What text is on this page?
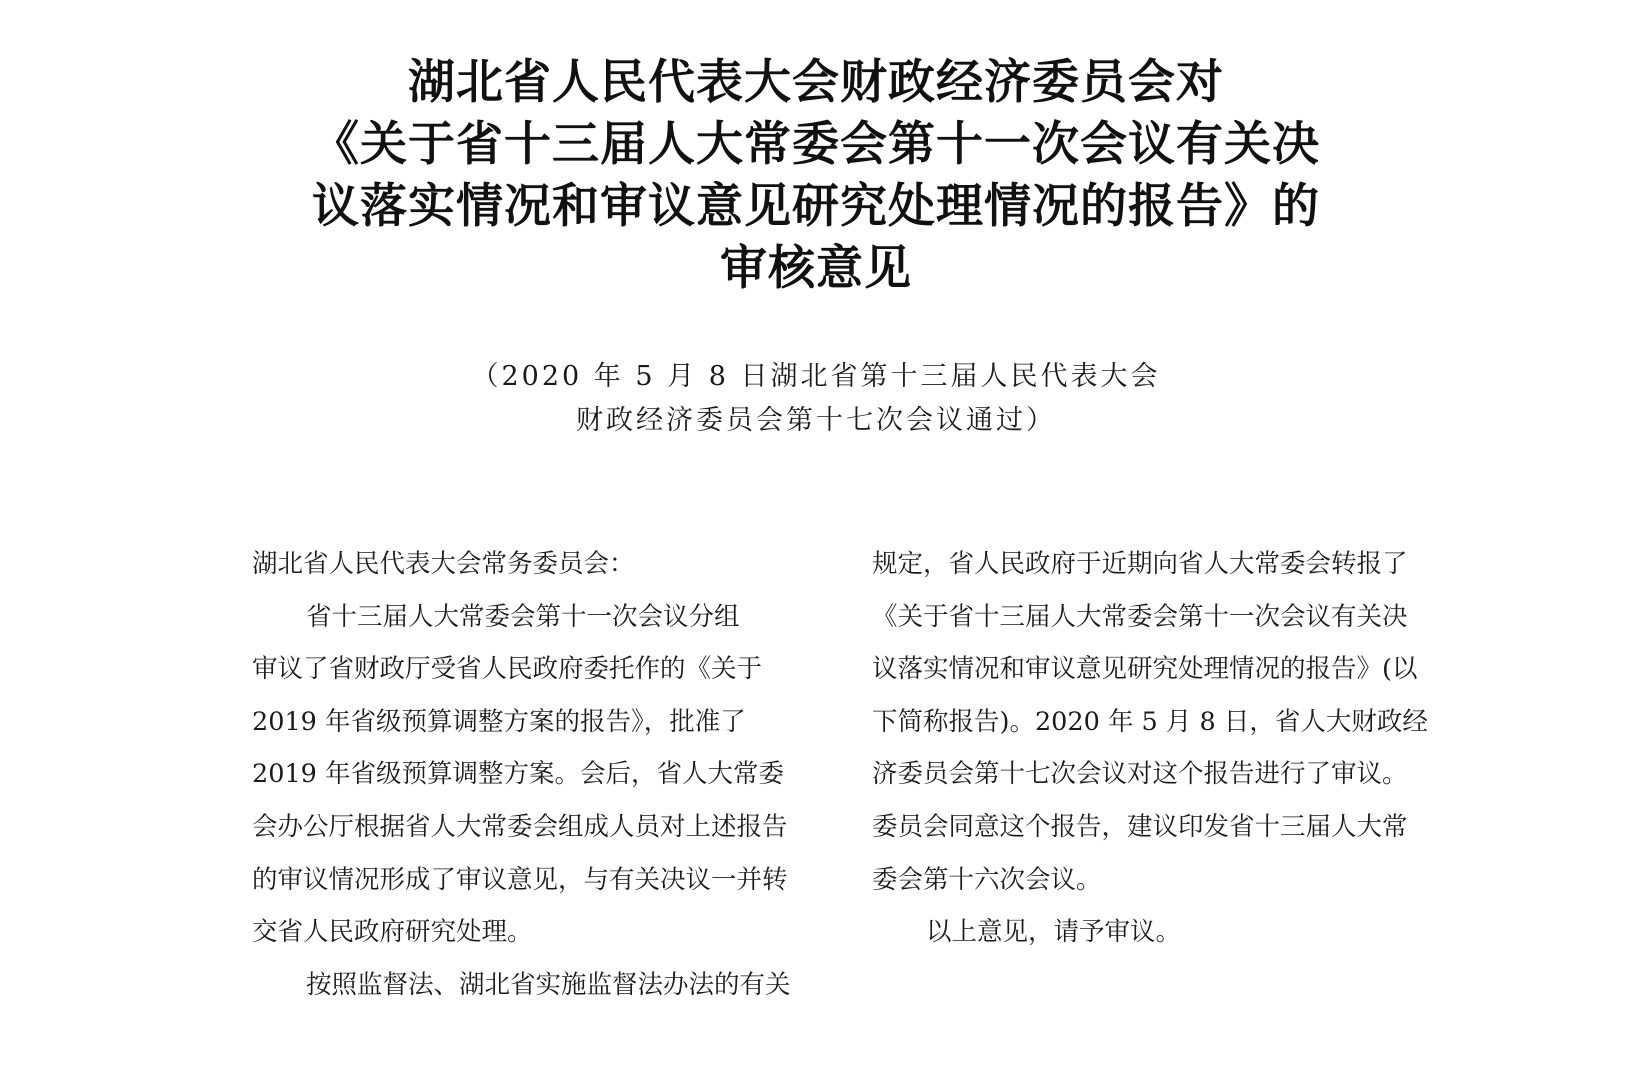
湖北省人民代表大会财政经济委员会对
《关于省十三届人大常委会第十一次会议有关决
议落实情况和审议意见研究处理情况的报告》的
审核意见
（2020 年 5 月 8 日湖北省第十三届人民代表大会
财政经济委员会第十七次会议通过）
湖北省人民代表大会常务委员会：
省十三届人大常委会第十一次会议分组
审议了省财政厅受省人民政府委托作的《关于
2019 年省级预算调整方案的报告》，批准了
2019 年省级预算调整方案。会后，省人大常委
会办公厅根据省人大常委会组成人员对上述报告
的审议情况形成了审议意见，与有关决议一并转
交省人民政府研究处理。
按照监督法、湖北省实施监督法办法的有关
规定，省人民政府于近期向省人大常委会转报了
《关于省十三届人大常委会第十一次会议有关决
议落实情况和审议意见研究处理情况的报告》(以
下简称报告)。2020 年 5 月 8 日，省人大财政经
济委员会第十七次会议对这个报告进行了审议。
委员会同意这个报告，建议印发省十三届人大常
委会第十六次会议。
以上意见，请予审议。
